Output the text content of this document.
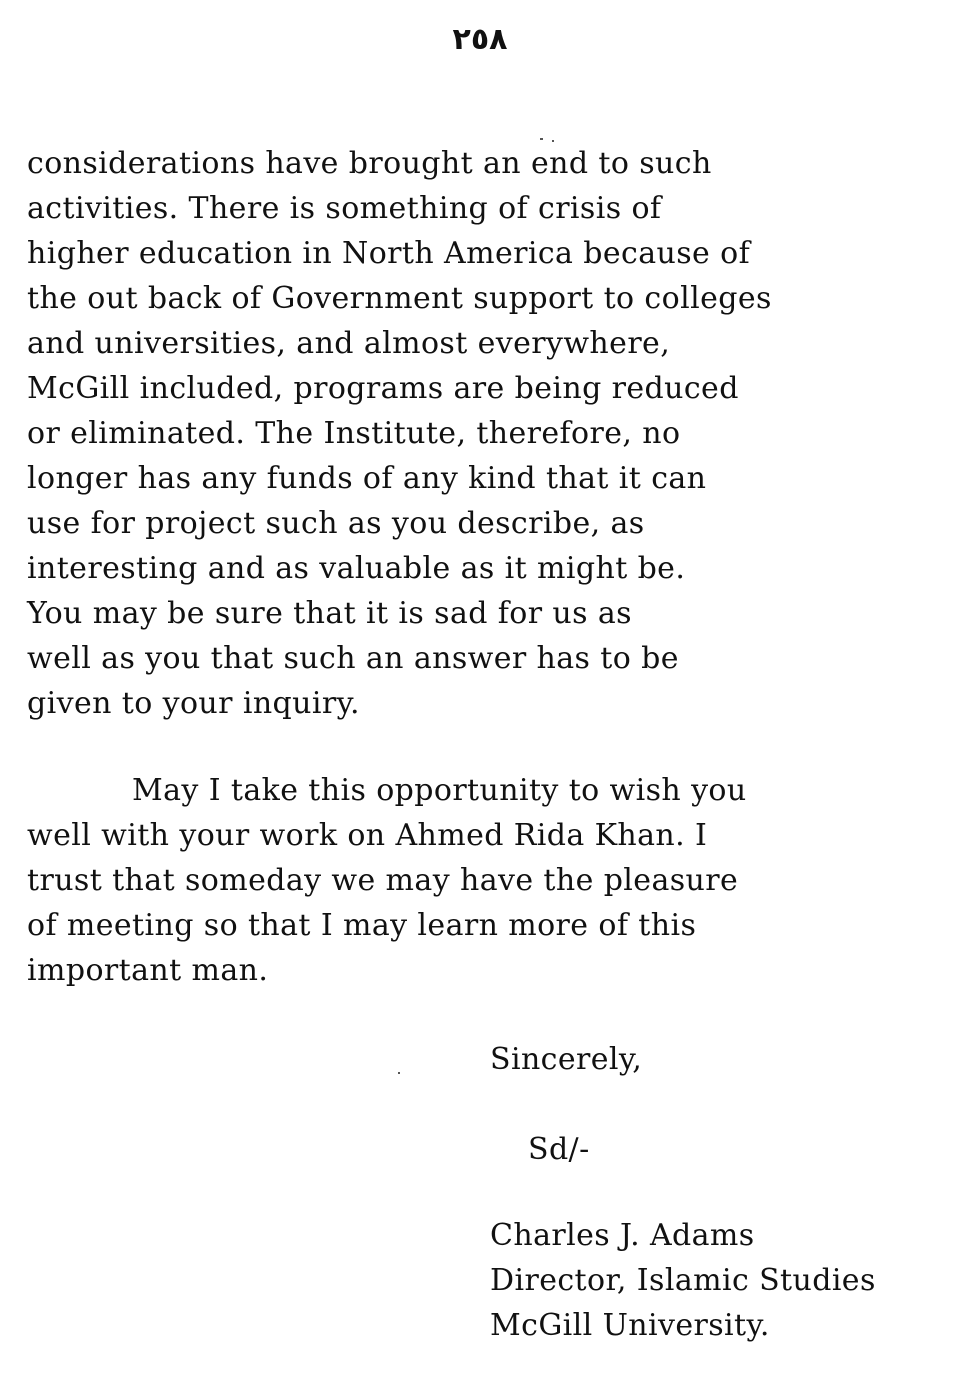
٢٥٨
considerations have brought an end to such
activities. There is something of crisis of
higher education in North America because of
the out back of Government support to colleges
and universities, and almost everywhere,
McGill included, programs are being reduced
or eliminated. The Institute, therefore, no
longer has any funds of any kind that it can
use for project such as you describe, as
interesting and as valuable as it might be.
You may be sure that it is sad for us as
well as you that such an answer has to be
given to your inquiry.
May I take this opportunity to wish you
well with your work on Ahmed Rida Khan. I
trust that someday we may have the pleasure
of meeting so that I may learn more of this
important man.
Sincerely,
Sd/-
Charles J. Adams
Director, Islamic Studies
McGill University.
